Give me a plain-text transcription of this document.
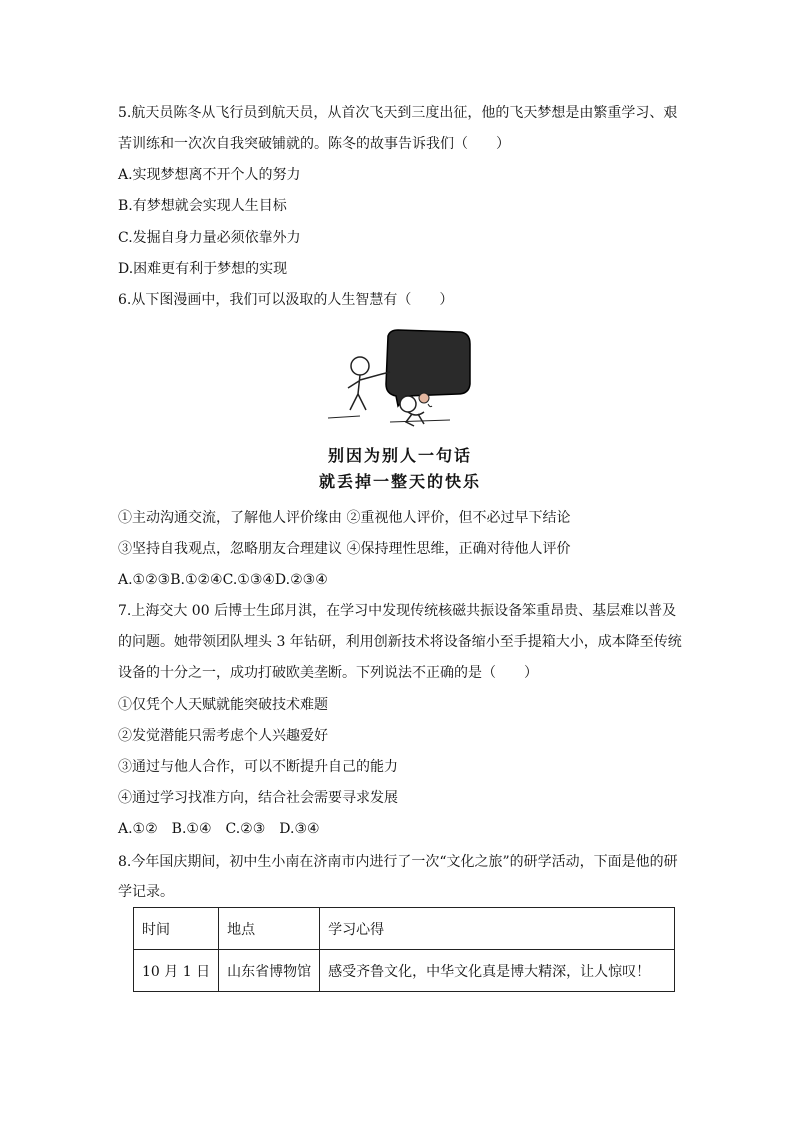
5.航天员陈冬从飞行员到航天员，从首次飞天到三度出征，他的飞天梦想是由繁重学习、艰
苦训练和一次次自我突破铺就的。陈冬的故事告诉我们（　　）
A.实现梦想离不开个人的努力
B.有梦想就会实现人生目标
C.发掘自身力量必须依靠外力
D.困难更有利于梦想的实现
6.从下图漫画中，我们可以汲取的人生智慧有（　　）
别因为别人一句话
就丢掉一整天的快乐
①主动沟通交流，了解他人评价缘由 ②重视他人评价，但不必过早下结论
③坚持自我观点，忽略朋友合理建议 ④保持理性思维，正确对待他人评价
A.①②③B.①②④C.①③④D.②③④
7.上海交大 00 后博士生邱月淇，在学习中发现传统核磁共振设备笨重昂贵、基层难以普及
的问题。她带领团队埋头 3 年钻研，利用创新技术将设备缩小至手提箱大小，成本降至传统
设备的十分之一，成功打破欧美垄断。下列说法不正确的是（　　）
①仅凭个人天赋就能突破技术难题
②发觉潜能只需考虑个人兴趣爱好
③通过与他人合作，可以不断提升自己的能力
④通过学习找准方向，结合社会需要寻求发展
A.①②　B.①④　C.②③　D.③④
8.今年国庆期间，初中生小南在济南市内进行了一次“文化之旅”的研学活动，下面是他的研
学记录。
时间	地点	学习心得
10 月 1 日	山东省博物馆	感受齐鲁文化，中华文化真是博大精深，让人惊叹！
